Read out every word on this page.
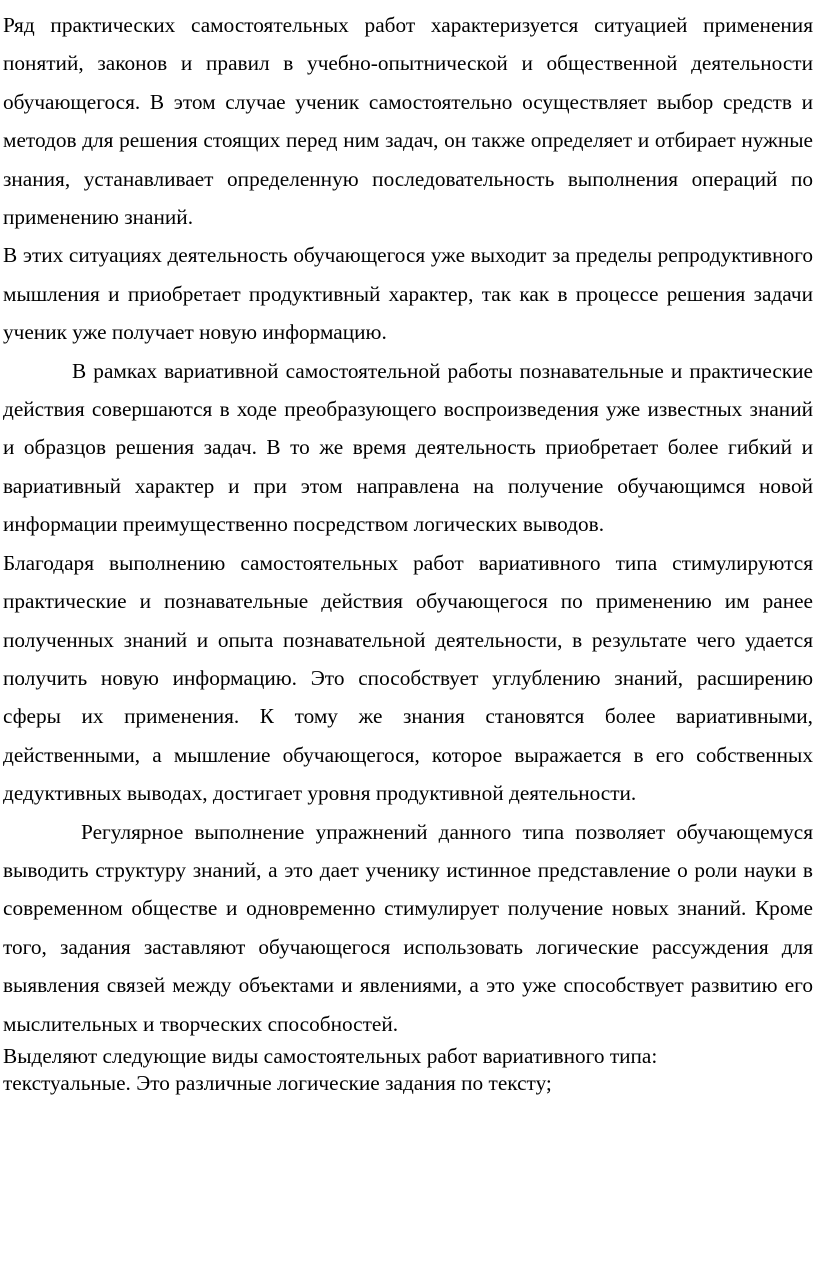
Ряд практических самостоятельных работ характеризуется ситуацией применения понятий, законов и правил в учебно-опытнической и общественной деятельности обучающегося. В этом случае ученик самостоятельно осуществляет выбор средств и методов для решения стоящих перед ним задач, он также определяет и отбирает нужные знания, устанавливает определенную последовательность выполнения операций по применению знаний.

В этих ситуациях деятельность обучающегося уже выходит за пределы репродуктивного мышления и приобретает продуктивный характер, так как в процессе решения задачи ученик уже получает новую информацию.

В рамках вариативной самостоятельной работы познавательные и практические действия совершаются в ходе преобразующего воспроизведения уже известных знаний и образцов решения задач. В то же время деятельность приобретает более гибкий и вариативный характер и при этом направлена на получение обучающимся новой информации преимущественно посредством логических выводов.

Благодаря выполнению самостоятельных работ вариативного типа стимулируются практические и познавательные действия обучающегося по применению им ранее полученных знаний и опыта познавательной деятельности, в результате чего удается получить новую информацию. Это способствует углублению знаний, расширению сферы их применения. К тому же знания становятся более вариативными, действенными, а мышление обучающегося, которое выражается в его собственных дедуктивных выводах, достигает уровня продуктивной деятельности.

Регулярное выполнение упражнений данного типа позволяет обучающемуся выводить структуру знаний, а это дает ученику истинное представление о роли науки в современном обществе и одновременно стимулирует получение новых знаний. Кроме того, задания заставляют обучающегося использовать логические рассуждения для выявления связей между объектами и явлениями, а это уже способствует развитию его мыслительных и творческих способностей.

Выделяют следующие виды самостоятельных работ вариативного типа:

текстуальные. Это различные логические задания по тексту;
